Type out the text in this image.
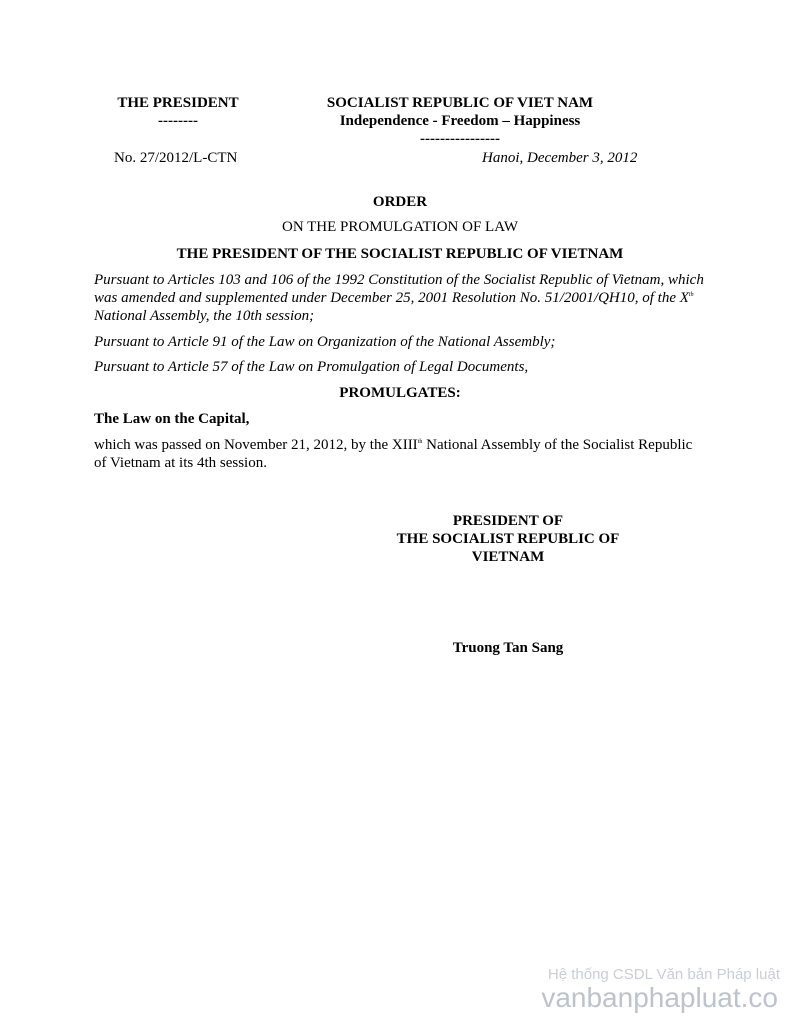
THE PRESIDENT
--------
SOCIALIST REPUBLIC OF VIET NAM
Independence - Freedom – Happiness
----------------
No. 27/2012/L-CTN	Hanoi, December 3, 2012
ORDER
ON THE PROMULGATION OF LAW
THE PRESIDENT OF THE SOCIALIST REPUBLIC OF VIETNAM
Pursuant to Articles 103 and 106 of the 1992 Constitution of the Socialist Republic of Vietnam, which was amended and supplemented under December 25, 2001 Resolution No. 51/2001/QH10, of the Xth National Assembly, the 10th session;
Pursuant to Article 91 of the Law on Organization of the National Assembly;
Pursuant to Article 57 of the Law on Promulgation of Legal Documents,
PROMULGATES:
The Law on the Capital,
which was passed on November 21, 2012, by the XIIIth National Assembly of the Socialist Republic of Vietnam at its 4th session.
PRESIDENT OF
THE SOCIALIST REPUBLIC OF
VIETNAM
Truong Tan Sang
Hệ thống CSDL Văn bản Pháp luật
vanbanphapluat.co
